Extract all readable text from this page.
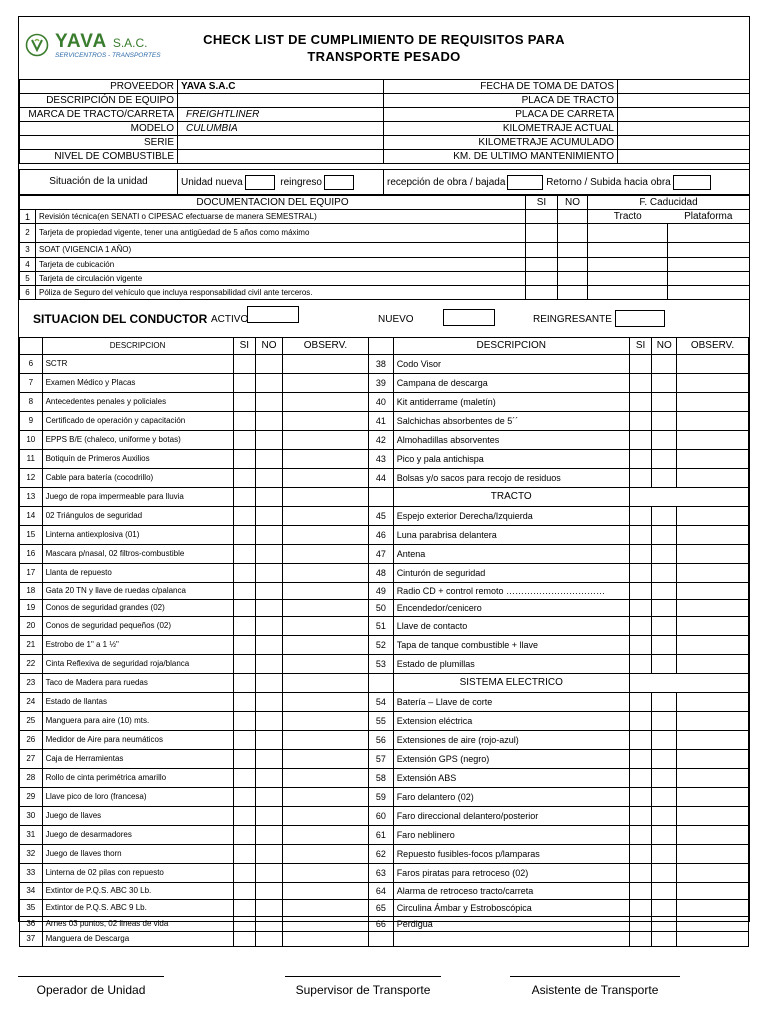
YAVA S.A.C.
SERVICENTROS - TRANSPORTES
CHECK LIST DE CUMPLIMIENTO DE REQUISITOS PARA
TRANSPORTE PESADO
PROVEEDOR	YAVA S.A.C	FECHA DE TOMA DE DATOS	
DESCRIPCIÓN DE EQUIPO		PLACA DE TRACTO	
MARCA DE TRACTO/CARRETA	FREIGHTLINER	PLACA DE CARRETA	
MODELO	CULUMBIA	KILOMETRAJE ACTUAL	
SERIE		KILOMETRAJE ACUMULADO	
NIVEL DE COMBUSTIBLE		KM. DE ULTIMO MANTENIMIENTO	
Situación de la unidad	Unidad nueva	reingreso	recepción de obra / bajada	Retorno / Subida hacia obra
DOCUMENTACION DEL EQUIPO		SI	NO	F. Caducidad	
1	Revisión técnica(en SENATI o CIPESAC efectuarse de manera SEMESTRAL)			Tracto	Plataforma
2	Tarjeta de propiedad vigente, tener una antigüedad de 5 años como máximo				
3	SOAT (VIGENCIA 1 AÑO)				
4	Tarjeta de cubicación				
5	Tarjeta de circulación vigente				
6	Póliza de Seguro del vehículo que incluya responsabilidad civil ante terceros.				
SITUACION DEL CONDUCTOR ACTIVO	NUEVO	REINGRESANTE
	DESCRIPCION	SI	NO	OBSERV.		DESCRIPCION	SI	NO	OBSERV.
6	SCTR				38	Codo Visor			
7	Examen Médico y Placas				39	Campana de descarga			
8	Antecedentes penales y policiales				40	Kit antiderrame (maletín)			
9	Certificado de operación y capacitación				41	Salchichas absorbentes de 5´´			
10	EPPS B/E (chaleco, uniforme y botas)				42	Almohadillas absorventes			
11	Botiquín de Primeros Auxilios				43	Pico y pala antichispa			
12	Cable para batería (cocodrillo)				44	Bolsas y/o sacos para recojo de residuos			
13	Juego de ropa impermeable para lluvia					TRACTO			
14	02 Triángulos de seguridad				45	Espejo exterior Derecha/Izquierda			
15	Linterna antiexplosiva (01)				46	Luna parabrisa delantera			
16	Mascara p/nasal, 02 filtros-combustible				47	Antena			
17	Llanta de repuesto				48	Cinturón de seguridad			
18	Gata 20 TN y llave de ruedas c/palanca				49	Radio CD + control remoto ……………………………			
19	Conos de seguridad grandes (02)				50	Encendedor/cenicero			
20	Conos de seguridad pequeños (02)				51	Llave de contacto			
21	Estrobo de 1" a 1 ½"				52	Tapa de tanque combustible + llave			
22	Cinta Reflexiva de seguridad roja/blanca				53	Estado de plumillas			
23	Taco de Madera para ruedas					SISTEMA ELECTRICO			
24	Estado de llantas				54	Batería – Llave de corte			
25	Manguera para aire (10) mts.				55	Extension eléctrica			
26	Medidor de Aire para neumáticos				56	Extensiones de aire (rojo-azul)			
27	Caja de Herramientas				57	Extensión GPS (negro)			
28	Rollo de cinta perimétrica amarillo				58	Extensión ABS			
29	Llave pico de loro (francesa)				59	Faro delantero (02)			
30	Juego de llaves				60	Faro direccional delantero/posterior			
31	Juego de desarmadores				61	Faro neblinero			
32	Juego de llaves thorn				62	Repuesto fusibles-focos p/lamparas			
33	Linterna de 02 pilas con repuesto				63	Faros piratas para retroceso (02)			
34	Extintor de P.Q.S. ABC 30 Lb.				64	Alarma de retroceso tracto/carreta			
35	Extintor de P.Q.S. ABC 9 Lb.				65	Circulina Ámbar y Estroboscópica			
36	Arnes 03 puntos, 02 lineas de vida				66	Perdigua			
37	Manguera de Descarga								
Operador de Unidad	Supervisor de Transporte	Asistente de Transporte
